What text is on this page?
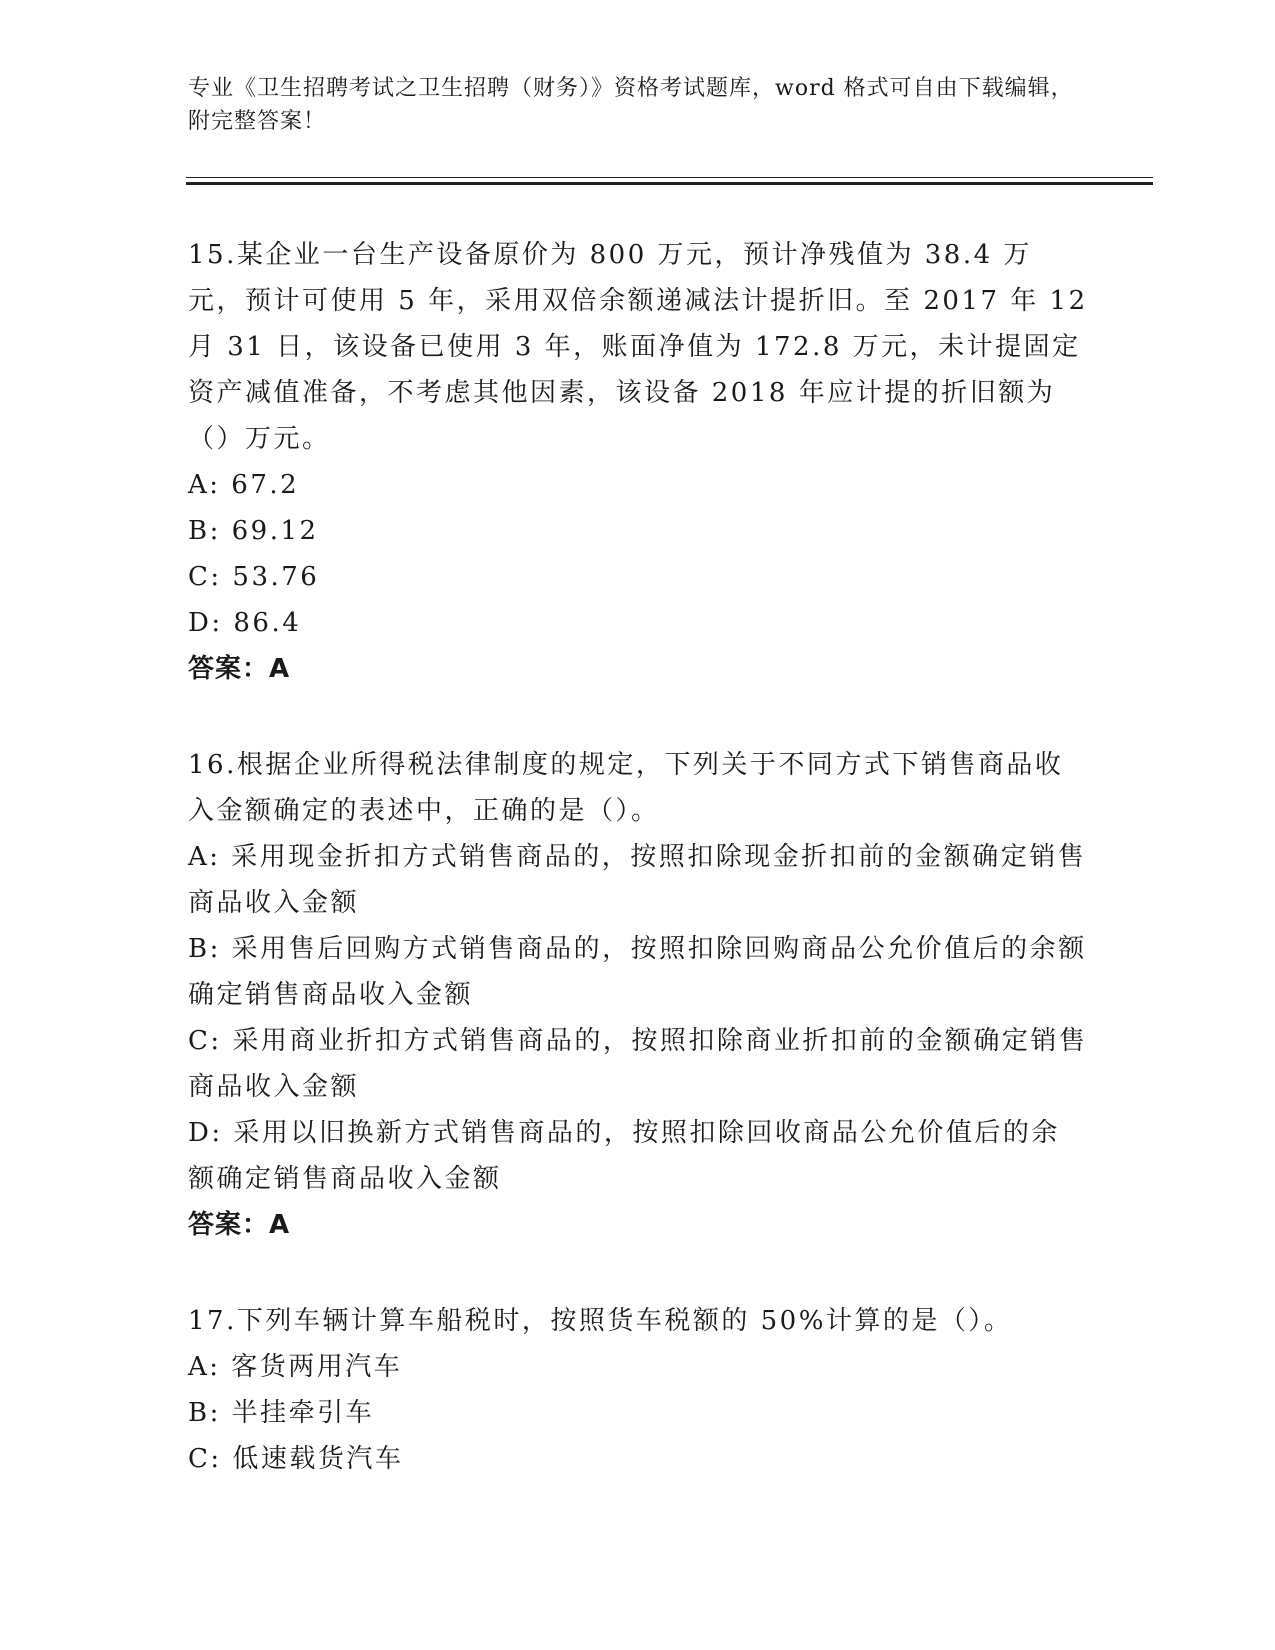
专业《卫生招聘考试之卫生招聘（财务）》资格考试题库，word 格式可自由下载编辑，附完整答案！
15.某企业一台生产设备原价为 800 万元，预计净残值为 38.4 万元，预计可使用 5 年，采用双倍余额递减法计提折旧。至 2017 年 12 月 31 日，该设备已使用 3 年，账面净值为 172.8 万元，未计提固定资产减值准备，不考虑其他因素，该设备 2018 年应计提的折旧额为（）万元。
A: 67.2
B: 69.12
C: 53.76
D: 86.4
答案：A
16.根据企业所得税法律制度的规定，下列关于不同方式下销售商品收入金额确定的表述中，正确的是（）。
A: 采用现金折扣方式销售商品的，按照扣除现金折扣前的金额确定销售商品收入金额
B: 采用售后回购方式销售商品的，按照扣除回购商品公允价值后的余额确定销售商品收入金额
C: 采用商业折扣方式销售商品的，按照扣除商业折扣前的金额确定销售商品收入金额
D: 采用以旧换新方式销售商品的，按照扣除回收商品公允价值后的余额确定销售商品收入金额
答案：A
17.下列车辆计算车船税时，按照货车税额的 50%计算的是（）。
A: 客货两用汽车
B: 半挂牵引车
C: 低速载货汽车
